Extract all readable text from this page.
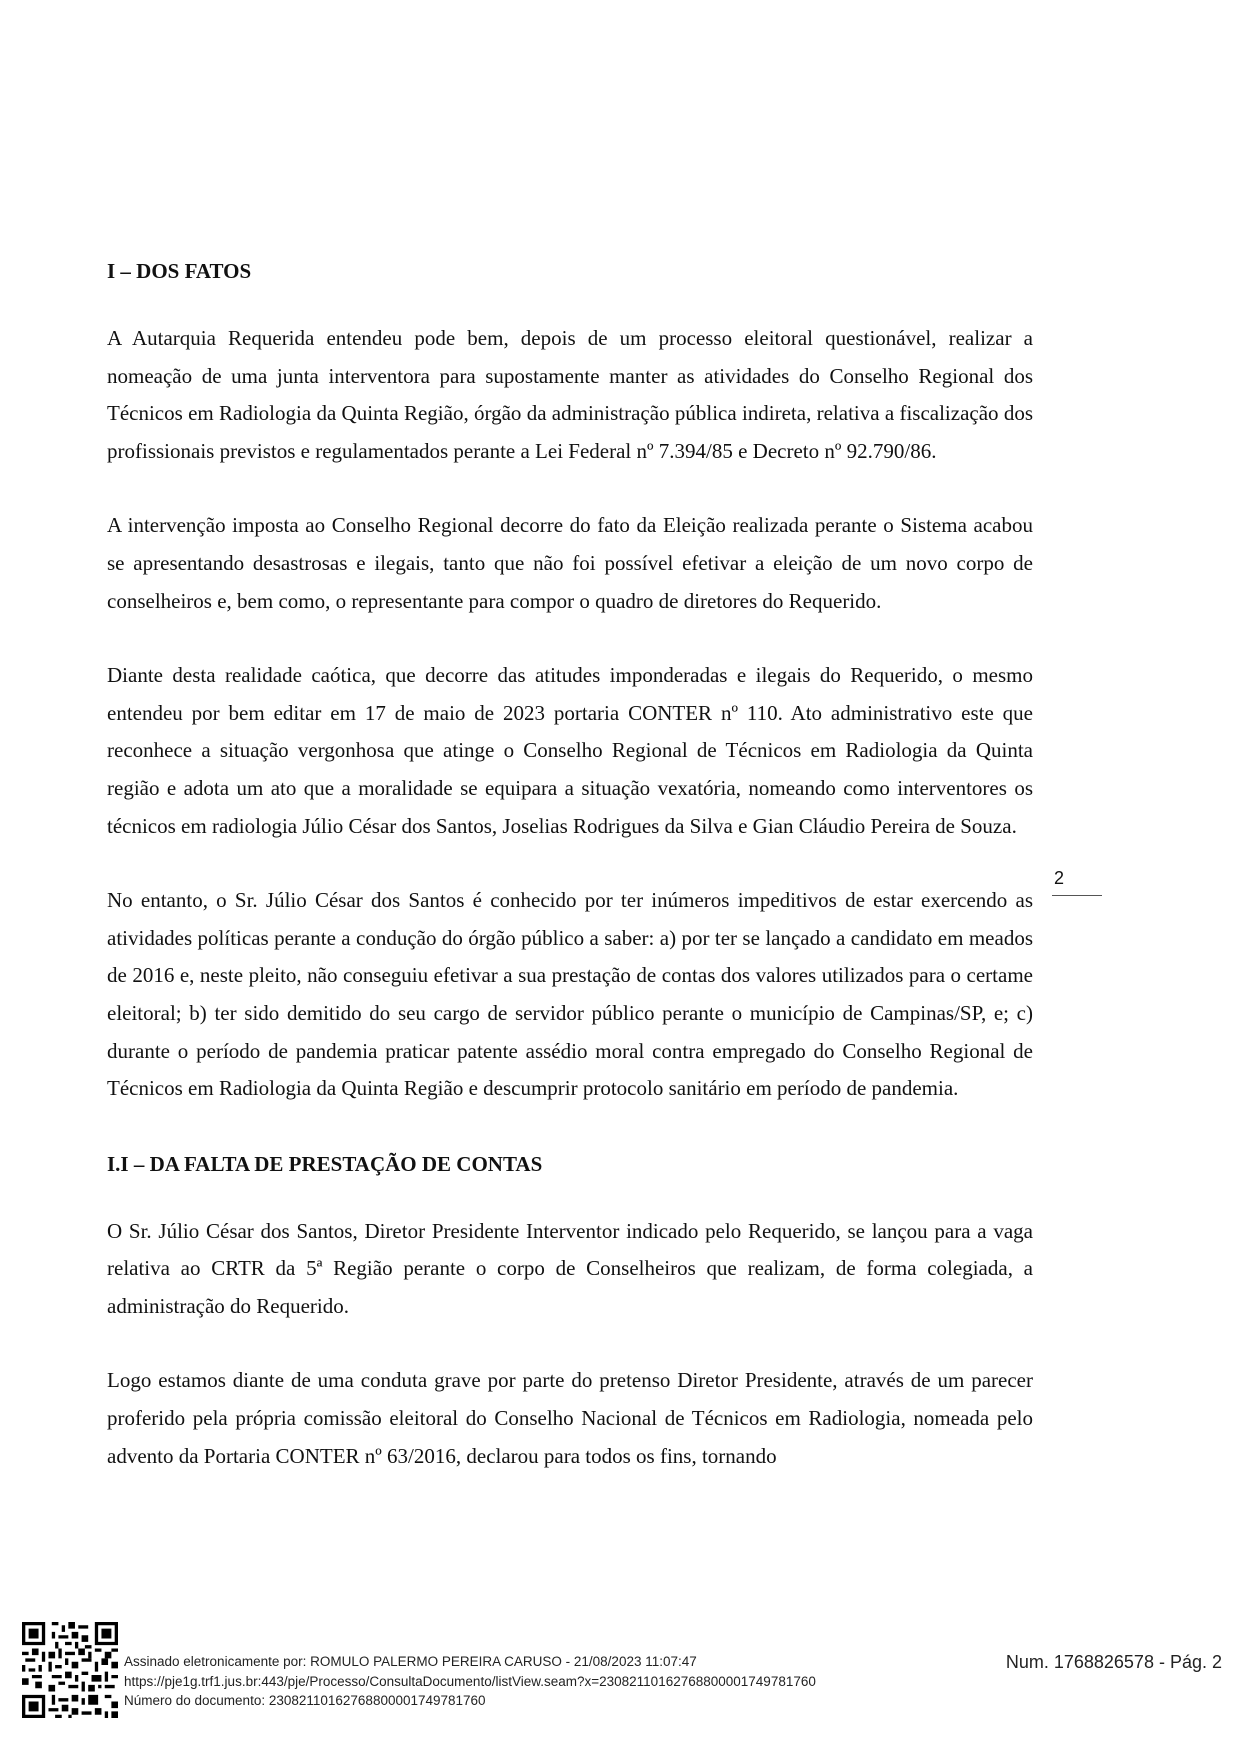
I – DOS FATOS

A Autarquia Requerida entendeu pode bem, depois de um processo eleitoral questionável, realizar a nomeação de uma junta interventora para supostamente manter as atividades do Conselho Regional dos Técnicos em Radiologia da Quinta Região, órgão da administração pública indireta, relativa a fiscalização dos profissionais previstos e regulamentados perante a Lei Federal nº 7.394/85 e Decreto nº 92.790/86.

A intervenção imposta ao Conselho Regional decorre do fato da Eleição realizada perante o Sistema acabou se apresentando desastrosas e ilegais, tanto que não foi possível efetivar a eleição de um novo corpo de conselheiros e, bem como, o representante para compor o quadro de diretores do Requerido.

Diante desta realidade caótica, que decorre das atitudes imponderadas e ilegais do Requerido, o mesmo entendeu por bem editar em 17 de maio de 2023 portaria CONTER nº 110. Ato administrativo este que reconhece a situação vergonhosa que atinge o Conselho Regional de Técnicos em Radiologia da Quinta região e adota um ato que a moralidade se equipara a situação vexatória, nomeando como interventores os técnicos em radiologia Júlio César dos Santos, Joselias Rodrigues da Silva e Gian Cláudio Pereira de Souza.

No entanto, o Sr. Júlio César dos Santos é conhecido por ter inúmeros impeditivos de estar exercendo as atividades políticas perante a condução do órgão público a saber: a) por ter se lançado a candidato em meados de 2016 e, neste pleito, não conseguiu efetivar a sua prestação de contas dos valores utilizados para o certame eleitoral; b) ter sido demitido do seu cargo de servidor público perante o município de Campinas/SP, e; c) durante o período de pandemia praticar patente assédio moral contra empregado do Conselho Regional de Técnicos em Radiologia da Quinta Região e descumprir protocolo sanitário em período de pandemia.

I.I – DA FALTA DE PRESTAÇÃO DE CONTAS

O Sr. Júlio César dos Santos, Diretor Presidente Interventor indicado pelo Requerido, se lançou para a vaga relativa ao CRTR da 5ª Região perante o corpo de Conselheiros que realizam, de forma colegiada, a administração do Requerido.

Logo estamos diante de uma conduta grave por parte do pretenso Diretor Presidente, através de um parecer proferido pela própria comissão eleitoral do Conselho Nacional de Técnicos em Radiologia, nomeada pelo advento da Portaria CONTER nº 63/2016, declarou para todos os fins, tornando

2
Assinado eletronicamente por: ROMULO PALERMO PEREIRA CARUSO - 21/08/2023 11:07:47
https://pje1g.trf1.jus.br:443/pje/Processo/ConsultaDocumento/listView.seam?x=23082110162768800001749781760
Número do documento: 23082110162768800001749781760
Num. 1768826578 - Pág. 2
